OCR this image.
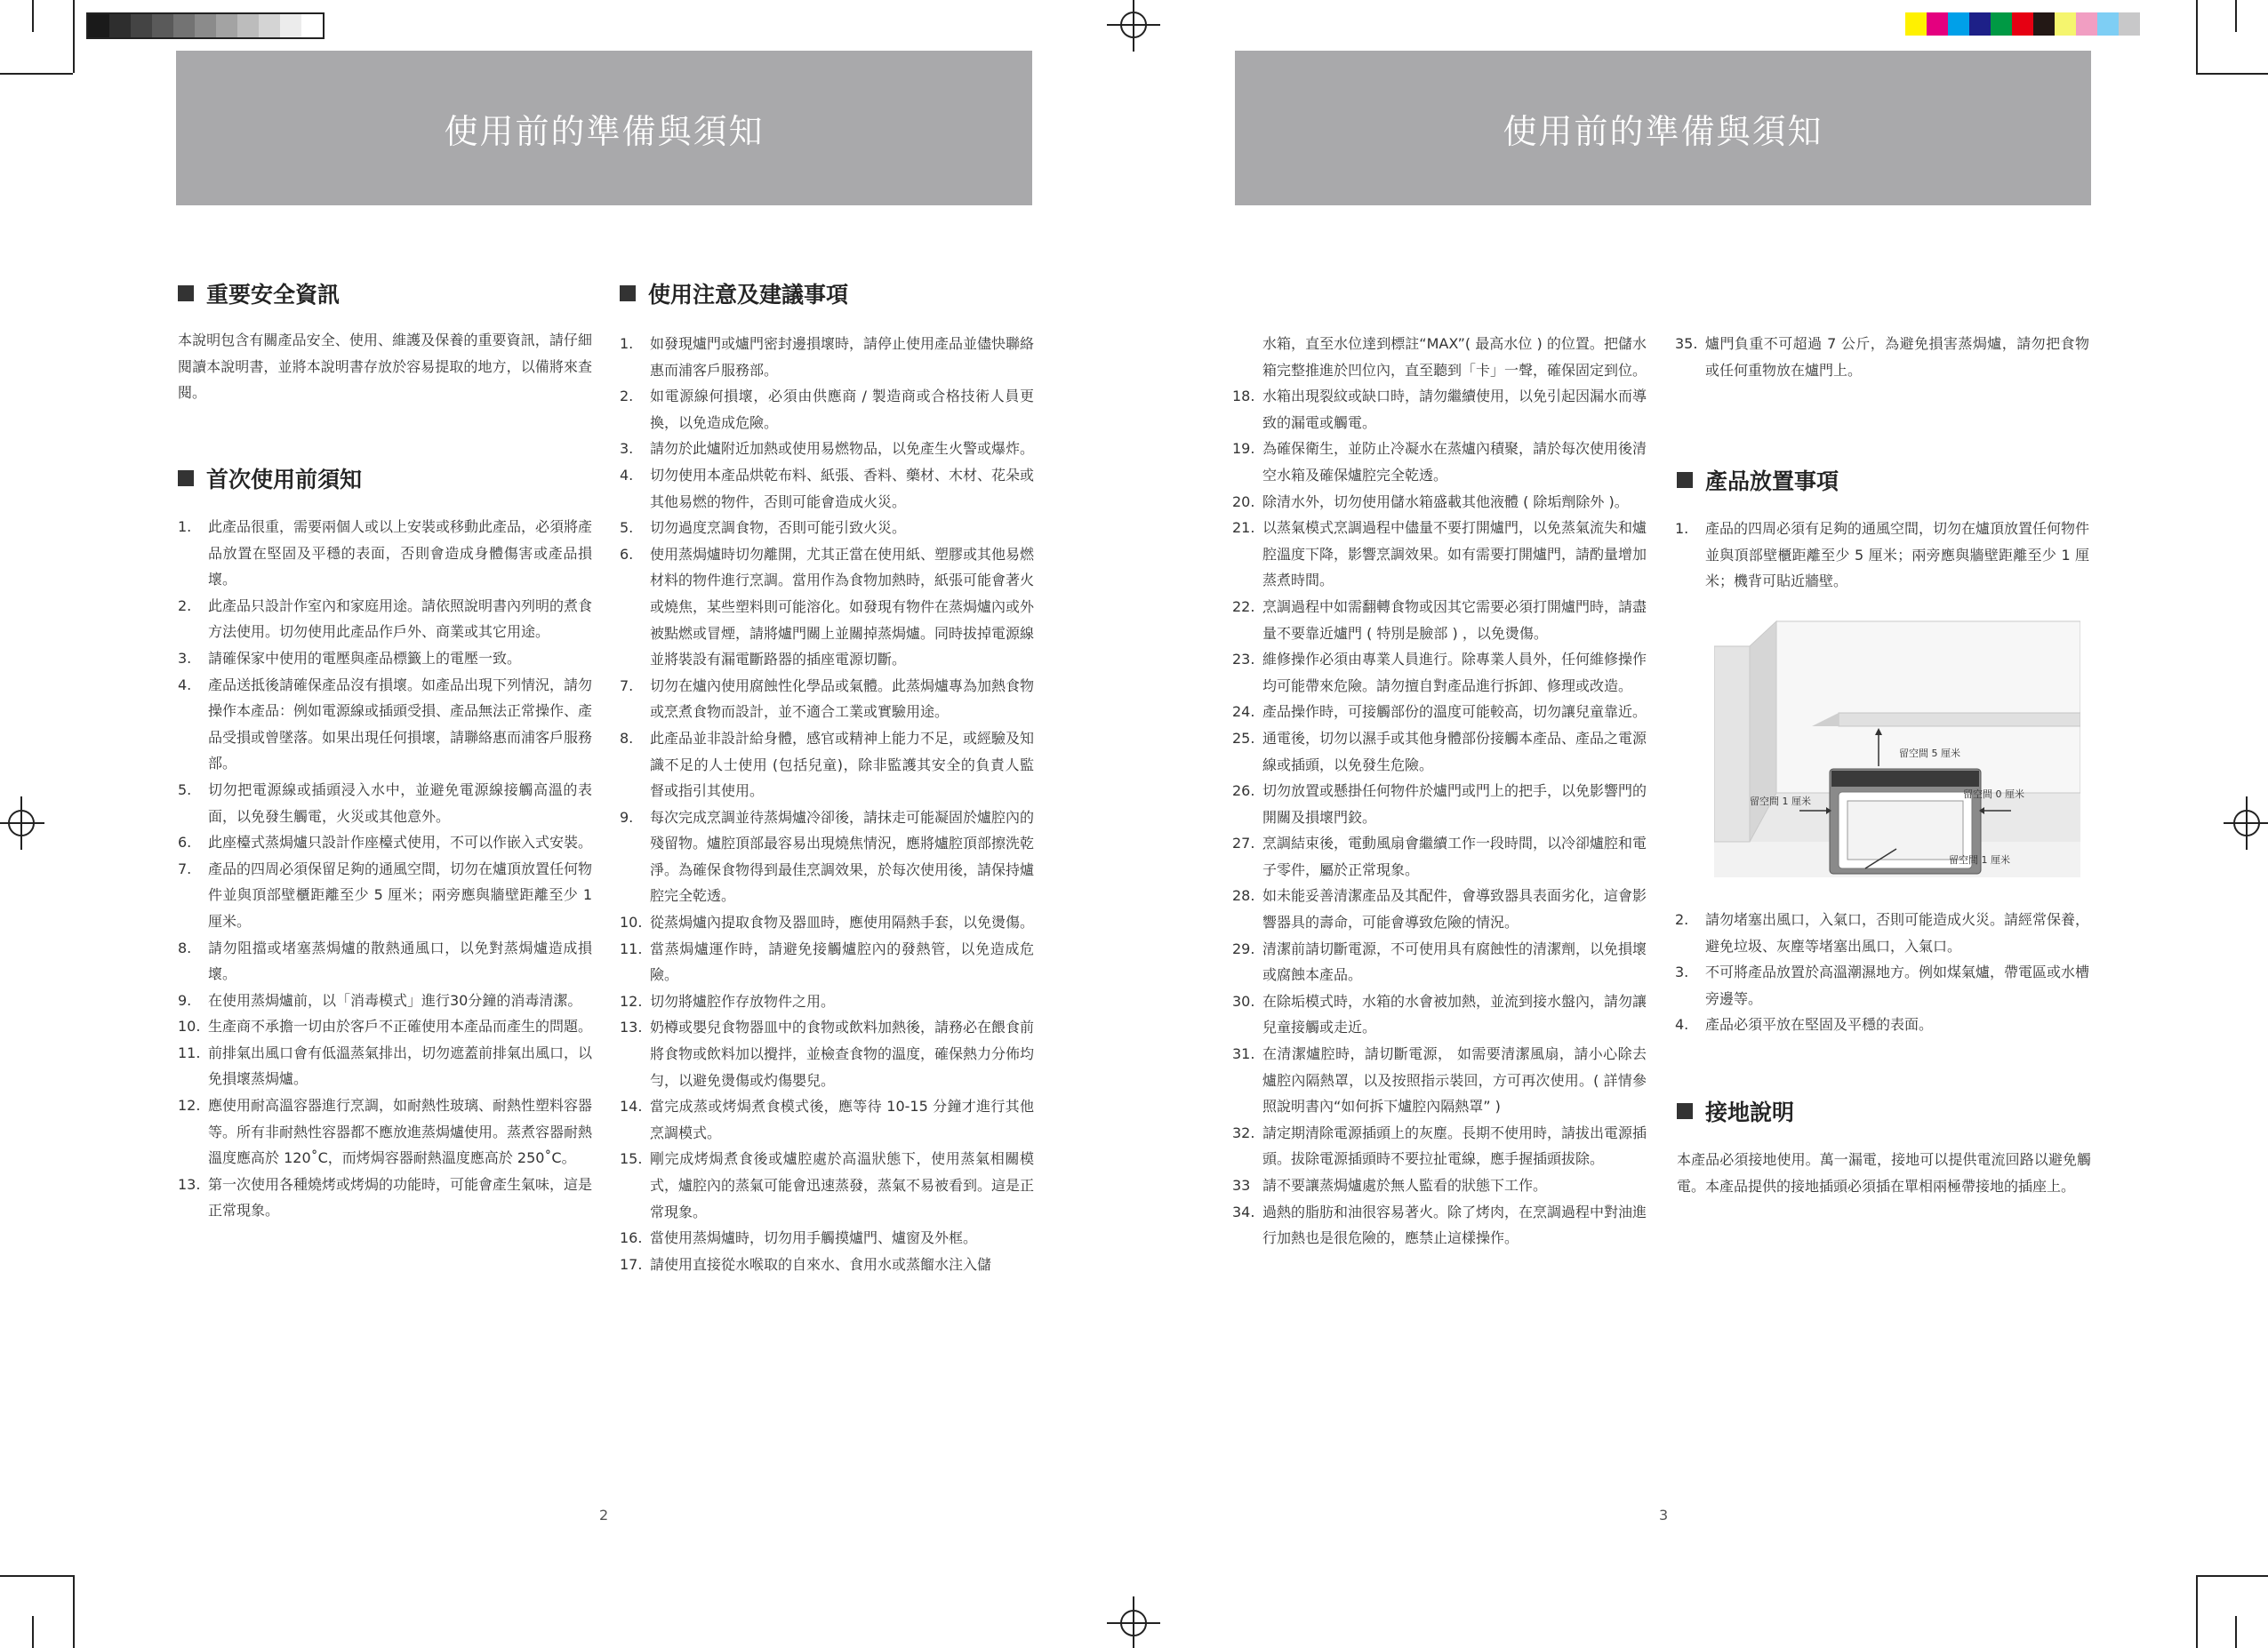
使用前的準備與須知
重要安全資訊
本說明包含有關產品安全、使用、維護及保養的重要資訊，請仔細閱讀本說明書，並將本說明書存放於容易提取的地方，以備將來查閱。
首次使用前須知
1.	此產品很重，需要兩個人或以上安裝或移動此產品，必須將產品放置在堅固及平穩的表面，否則會造成身體傷害或產品損壞。
2.	此產品只設計作室內和家庭用途。請依照說明書內列明的煮食方法使用。切勿使用此產品作戶外、商業或其它用途。
3.	請確保家中使用的電壓與產品標籤上的電壓一致。
4.	產品送抵後請確保產品沒有損壞。如產品出現下列情況，請勿操作本產品：例如電源線或插頭受損、產品無法正常操作、產品受損或曾墜落。如果出現任何損壞，請聯絡惠而浦客戶服務部。
5.	切勿把電源線或插頭浸入水中，並避免電源線接觸高溫的表面，以免發生觸電，火災或其他意外。
6.	此座檯式蒸焗爐只設計作座檯式使用，不可以作嵌入式安裝。
7.	產品的四周必須保留足夠的通風空間，切勿在爐頂放置任何物件並與頂部壁櫃距離至少 5 厘米；兩旁應與牆壁距離至少 1 厘米。
8.	請勿阻擋或堵塞蒸焗爐的散熱通風口，以免對蒸焗爐造成損壞。
9.	在使用蒸焗爐前，以「消毒模式」進行30分鐘的消毒清潔。
10. 生產商不承擔一切由於客戶不正確使用本產品而產生的問題。
11. 前排氣出風口會有低溫蒸氣排出，切勿遮蓋前排氣出風口，以免損壞蒸焗爐。
12. 應使用耐高溫容器進行烹調，如耐熱性玻璃、耐熱性塑料容器等。所有非耐熱性容器都不應放進蒸焗爐使用。蒸煮容器耐熱溫度應高於 120˚C，而烤焗容器耐熱溫度應高於 250˚C。
13. 第一次使用各種燒烤或烤焗的功能時，可能會產生氣味，這是正常現象。
使用注意及建議事項
1.	如發現爐門或爐門密封邊損壞時，請停止使用產品並儘快聯絡惠而浦客戶服務部。
2.	如電源線何損壞，必須由供應商 / 製造商或合格技術人員更換，以免造成危險。
3.	請勿於此爐附近加熱或使用易燃物品，以免產生火警或爆炸。
4.	切勿使用本產品烘乾布料、紙張、香料、藥材、木材、花朵或其他易燃的物件，否則可能會造成火災。
5.	切勿過度烹調食物，否則可能引致火災。
6.	使用蒸焗爐時切勿離開，尤其正當在使用紙、塑膠或其他易燃材料的物件進行烹調。當用作為食物加熱時，紙張可能會著火或燒焦，某些塑料則可能溶化。如發現有物件在蒸焗爐內或外被點燃或冒煙，請將爐門關上並關掉蒸焗爐。同時拔掉電源線並將裝設有漏電斷路器的插座電源切斷。
7.	切勿在爐內使用腐蝕性化學品或氣體。此蒸焗爐專為加熱食物或烹煮食物而設計，並不適合工業或實驗用途。
8.	此產品並非設計給身體，感官或精神上能力不足，或經驗及知識不足的人士使用 (包括兒童)，除非監護其安全的負責人監督或指引其使用。
9.	每次完成烹調並待蒸焗爐冷卻後，請抹走可能凝固於爐腔內的殘留物。爐腔頂部最容易出現燒焦情況，應將爐腔頂部擦洗乾淨。為確保食物得到最佳烹調效果，於每次使用後，請保持爐腔完全乾透。
10. 從蒸焗爐內提取食物及器皿時，應使用隔熱手套，以免燙傷。
11. 當蒸焗爐運作時，請避免接觸爐腔內的發熱管，以免造成危險。
12. 切勿將爐腔作存放物件之用。
13. 奶樽或嬰兒食物器皿中的食物或飲料加熱後，請務必在餵食前將食物或飲料加以攪拌，並檢查食物的溫度，確保熱力分佈均勻，以避免燙傷或灼傷嬰兒。
14. 當完成蒸或烤焗煮食模式後，應等待 10-15 分鐘才進行其他烹調模式。
15. 剛完成烤焗煮食後或爐腔處於高溫狀態下，使用蒸氣相關模式，爐腔內的蒸氣可能會迅速蒸發，蒸氣不易被看到。這是正常現象。
16. 當使用蒸焗爐時，切勿用手觸摸爐門、爐窗及外框。
17. 請使用直接從水喉取的自來水、食用水或蒸餾水注入儲
2
使用前的準備與須知
水箱，直至水位達到標註“MAX”( 最高水位 ) 的位置。把儲水箱完整推進於凹位內，直至聽到「卡」一聲，確保固定到位。
18. 水箱出現裂紋或缺口時，請勿繼續使用，以免引起因漏水而導致的漏電或觸電。
19. 為確保衛生，並防止冷凝水在蒸爐內積聚，請於每次使用後清空水箱及確保爐腔完全乾透。
20. 除清水外，切勿使用儲水箱盛載其他液體 ( 除垢劑除外 )。
21. 以蒸氣模式烹調過程中儘量不要打開爐門，以免蒸氣流失和爐腔溫度下降，影響烹調效果。如有需要打開爐門，請酌量增加蒸煮時間。
22. 烹調過程中如需翻轉食物或因其它需要必須打開爐門時，請盡量不要靠近爐門 ( 特別是臉部 ) ，以免燙傷。
23. 維修操作必須由專業人員進行。除專業人員外，任何維修操作均可能帶來危險。請勿擅自對產品進行拆卸、修理或改造。
24. 產品操作時，可接觸部份的溫度可能較高，切勿讓兒童靠近。
25. 通電後，切勿以濕手或其他身體部份接觸本產品、產品之電源線或插頭，以免發生危險。
26. 切勿放置或懸掛任何物件於爐門或門上的把手，以免影響門的開關及損壞門鉸。
27. 烹調結束後，電動風扇會繼續工作一段時間，以冷卻爐腔和電子零件，屬於正常現象。
28. 如未能妥善清潔產品及其配件，會導致器具表面劣化，這會影響器具的壽命，可能會導致危險的情況。
29. 清潔前請切斷電源，不可使用具有腐蝕性的清潔劑，以免損壞或腐蝕本產品。
30. 在除垢模式時，水箱的水會被加熱，並流到接水盤內，請勿讓兒童接觸或走近。
31. 在清潔爐腔時，請切斷電源， 如需要清潔風扇，請小心除去爐腔內隔熱罩，以及按照指示裝回，方可再次使用。( 詳情參照說明書內“如何拆下爐腔內隔熱罩” )
32. 請定期清除電源插頭上的灰塵。長期不使用時，請拔出電源插頭。拔除電源插頭時不要拉扯電線，應手握插頭拔除。
33 請不要讓蒸焗爐處於無人監看的狀態下工作。
34. 過熱的脂肪和油很容易著火。除了烤肉，在烹調過程中對油進行加熱也是很危險的，應禁止這樣操作。
35. 爐門負重不可超過 7 公斤，為避免損害蒸焗爐，請勿把食物或任何重物放在爐門上。
產品放置事項
1.	產品的四周必須有足夠的通風空間，切勿在爐頂放置任何物件並與頂部壁櫃距離至少 5 厘米；兩旁應與牆壁距離至少 1 厘米；機背可貼近牆壁。
留空間 5 厘米
留空間 1 厘米
留空間 0 厘米
留空間 1 厘米
2.	請勿堵塞出風口，入氣口，否則可能造成火災。請經常保養，避免垃圾、灰塵等堵塞出風口，入氣口。
3.	不可將產品放置於高溫潮濕地方。例如煤氣爐，帶電區或水槽旁邊等。
4.	產品必須平放在堅固及平穩的表面。
接地說明
本產品必須接地使用。萬一漏電，接地可以提供電流回路以避免觸電。本產品提供的接地插頭必須插在單相兩極帶接地的插座上。
3
